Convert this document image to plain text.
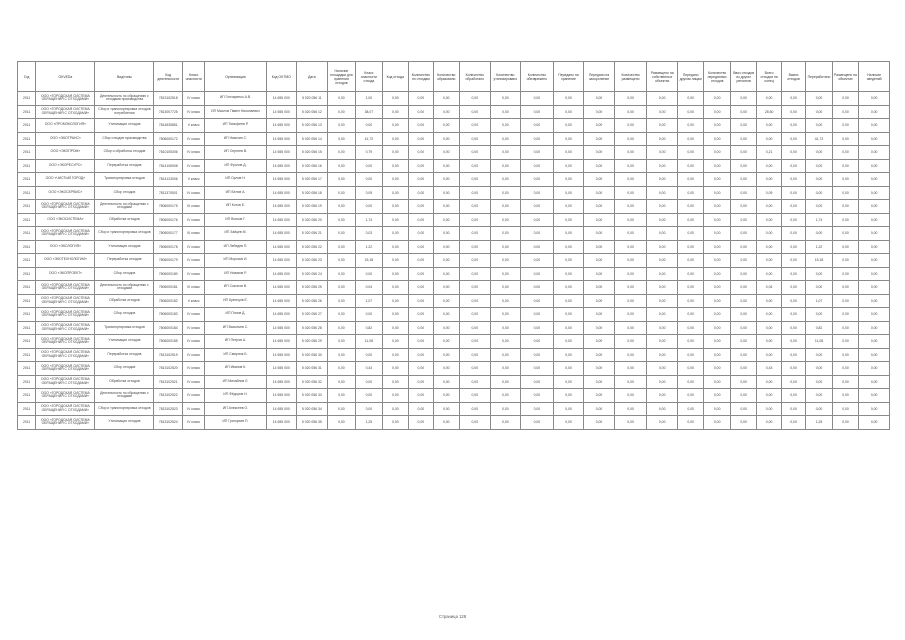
Год	OKVEDа	Вид/типы	Код деятельности	Класс опасности	Организация	Код OKTMO	Дата	Наличие площадки для хранения отходов	Класс опасности отхода	Код отхода	Количество по отходам	Количество образовано	Количество обработано	Количество утилизировано	Количество обезврежено	Передано на хранение	Передано на захоронение	Количество размещено	Размещено на собственных объектах	Передано другим лицам	Количество переданных отходов	Ввоз отходов из других регионов	Всего отходов на конец	Вывоз отходов	Переработано	Размещено на объектах	Наличие сведений
2011	ООО «ГОРОДСКАЯ СИСТЕМА ОБРАЩЕНИЯ С ОТХОДАМИ»	Деятельность по обращению с отходами производства	7813102518	IV класс	ИП Гончаренко А.В.	14 655 000	5 020 056 11	0,00	1,00	0,00	0,00	0,00	0,00	0,00	0,00	0,00	0,00	0,00	0,00	0,00	0,00	0,00	0,00	0,00	0,00	0,00	0,00
2011	ООО «ГОРОДСКАЯ СИСТЕМА ОБРАЩЕНИЯ С ОТХОДАМИ»	Сбор и транспортировка отходов потребления	7813007725	IV класс	ИП Маслов Павел Николаевич	14 655 000	5 020 056 12	0,00	38,07	0,00	0,00	0,00	0,00	0,00	0,00	0,00	0,00	0,00	0,00	0,00	0,00	0,00	28,60	0,00	0,00	0,00	0,00
2011	ООО «ПРОМЭКОЛОГИЯ»	Утилизация отходов	7814535851	V класс	ИП Тимофеев Р.	14 655 000	5 020 056 13	0,00	0,00	0,00	0,00	0,00	0,00	0,00	0,00	0,00	0,00	0,00	0,00	0,00	0,00	0,00	0,00	0,00	0,00	0,00	0,00
2011	ООО «ЭКОТРАНС»	Сбор отходов производства	7806000172	IV класс	ИП Никитин С.	14 655 000	5 020 056 14	0,00	41,72	0,00	0,00	0,00	0,00	0,00	0,00	0,00	0,00	0,00	0,00	0,00	0,00	0,00	0,00	0,00	41,72	0,00	0,00
2011	ООО «ЭКОПРОМ»	Сбор и обработка отходов	7810105306	IV класс	ИП Сергеев В.	14 655 000	5 020 056 15	0,00	0,79	0,00	0,00	0,00	0,00	0,00	0,00	0,00	0,00	0,00	0,00	0,00	0,00	0,00	0,21	0,00	0,00	0,00	0,00
2011	ООО «ЭКОРЕСУРС»	Переработка отходов	7814106908	IV класс	ИП Фролов Д.	14 655 000	5 020 056 16	0,00	0,00	0,00	0,00	0,00	0,00	0,00	0,00	0,00	0,00	0,00	0,00	0,00	0,00	0,00	0,00	0,00	0,00	0,00	0,00
2011	ООО «ЧИСТЫЙ ГОРОД»	Транспортировка отходов	7814123006	V класс	ИП Орлов Н.	14 655 000	5 020 056 17	0,00	0,00	0,00	0,00	0,00	0,00	0,00	0,00	0,00	0,00	0,00	0,00	0,00	0,00	0,00	0,00	0,00	0,00	0,00	0,00
2011	ООО «ЭКОСЕРВИС»	Сбор отходов	7811370501	IV класс	ИП Белов А.	14 655 000	5 020 056 18	0,00	0,09	0,00	0,00	0,00	0,00	0,00	0,00	0,00	0,00	0,00	0,00	0,00	0,00	0,00	0,09	0,00	0,00	0,00	0,00
2011	ООО «ГОРОДСКАЯ СИСТЕМА ОБРАЩЕНИЯ С ОТХОДАМИ»	Деятельность по обращению с отходами	7806000175	III класс	ИП Котов Е.	14 655 000	5 020 056 19	0,00	0,00	0,00	0,00	0,00	0,00	0,00	0,00	0,00	0,00	0,00	0,00	0,00	0,00	0,00	0,00	0,00	0,00	0,00	0,00
2011	ООО «ЭКОСИСТЕМА»	Обработка отходов	7806000176	IV класс	ИП Волков Г.	14 655 000	5 020 056 20	0,00	1,74	0,00	0,00	0,00	0,00	0,00	0,00	0,00	0,00	0,00	0,00	0,00	0,00	0,00	0,00	0,00	1,74	0,00	0,00
2011	ООО «ГОРОДСКАЯ СИСТЕМА ОБРАЩЕНИЯ С ОТХОДАМИ»	Сбор и транспортировка отходов	7806000177	III класс	ИП Зайцев М.	14 655 000	5 020 056 21	0,00	0,03	0,00	0,00	0,00	0,00	0,00	0,00	0,00	0,00	0,00	0,00	0,00	0,00	0,00	0,00	0,00	0,00	0,00	0,00
2011	ООО «ЭКОЛОГИЯ»	Утилизация отходов	7806000178	IV класс	ИП Лебедев П.	14 655 000	5 020 056 22	0,00	1,22	0,00	0,00	0,00	0,00	0,00	0,00	0,00	0,00	0,00	0,00	0,00	0,00	0,00	0,00	0,00	1,22	0,00	0,00
2011	ООО «ЭКОТЕХНОЛОГИИ»	Переработка отходов	7806000179	IV класс	ИП Морозов И.	14 655 000	5 020 056 23	0,00	15,18	0,00	0,00	0,00	0,00	0,00	0,00	0,00	0,00	0,00	0,00	0,00	0,00	0,00	0,00	0,00	15,18	0,00	0,00
2011	ООО «ЭКОПРОЕКТ»	Сбор отходов	7806000180	IV класс	ИП Новиков Р.	14 655 000	5 020 056 24	0,00	0,00	0,00	0,00	0,00	0,00	0,00	0,00	0,00	0,00	0,00	0,00	0,00	0,00	0,00	0,00	0,00	0,00	0,00	0,00
2011	ООО «ГОРОДСКАЯ СИСТЕМА ОБРАЩЕНИЯ С ОТХОДАМИ»	Деятельность по обращению с отходами	7806000181	III класс	ИП Соколов В.	14 655 000	5 020 056 25	0,00	0,04	0,00	0,00	0,00	0,00	0,00	0,00	0,00	0,00	0,00	0,00	0,00	0,00	0,00	0,04	0,00	0,00	0,00	0,00
2011	ООО «ГОРОДСКАЯ СИСТЕМА ОБРАЩЕНИЯ С ОТХОДАМИ»	Обработка отходов	7806000182	V класс	ИП Кузнецов Е.	14 655 000	5 020 056 26	0,00	1,07	0,00	0,00	0,00	0,00	0,00	0,00	0,00	0,00	0,00	0,00	0,00	0,00	0,00	0,00	0,00	1,07	0,00	0,00
2011	ООО «ГОРОДСКАЯ СИСТЕМА ОБРАЩЕНИЯ С ОТХОДАМИ»	Сбор отходов	7806000183	IV класс	ИП Попов Д.	14 655 000	5 020 056 27	0,00	0,00	0,00	0,00	0,00	0,00	0,00	0,00	0,00	0,00	0,00	0,00	0,00	0,00	0,00	0,00	0,00	0,00	0,00	0,00
2011	ООО «ГОРОДСКАЯ СИСТЕМА ОБРАЩЕНИЯ С ОТХОДАМИ»	Транспортировка отходов	7806000184	IV класс	ИП Васильев С.	14 655 000	5 020 056 28	0,00	0,82	0,00	0,00	0,00	0,00	0,00	0,00	0,00	0,00	0,00	0,00	0,00	0,00	0,00	0,00	0,00	0,82	0,00	0,00
2011	ООО «ГОРОДСКАЯ СИСТЕМА ОБРАЩЕНИЯ С ОТХОДАМИ»	Утилизация отходов	7806000185	IV класс	ИП Петров А.	14 655 000	5 020 056 29	0,00	11,08	0,00	0,00	0,00	0,00	0,00	0,00	0,00	0,00	0,00	0,00	0,00	0,00	0,00	0,00	0,00	11,08	0,00	0,00
2011	ООО «ГОРОДСКАЯ СИСТЕМА ОБРАЩЕНИЯ С ОТХОДАМИ»	Переработка отходов	7813102519	IV класс	ИП Смирнов Б.	14 655 000	5 020 056 30	0,00	0,00	0,00	0,00	0,00	0,00	0,00	0,00	0,00	0,00	0,00	0,00	0,00	0,00	0,00	0,00	0,00	0,00	0,00	0,00
2011	ООО «ГОРОДСКАЯ СИСТЕМА ОБРАЩЕНИЯ С ОТХОДАМИ»	Сбор отходов	7813102520	IV класс	ИП Иванов К.	14 655 000	5 020 056 31	0,00	0,43	0,00	0,00	0,00	0,00	0,00	0,00	0,00	0,00	0,00	0,00	0,00	0,00	0,00	0,43	0,00	0,00	0,00	0,00
2011	ООО «ГОРОДСКАЯ СИСТЕМА ОБРАЩЕНИЯ С ОТХОДАМИ»	Обработка отходов	7813102521	IV класс	ИП Михайлов Л.	14 655 000	5 020 056 32	0,00	0,00	0,00	0,00	0,00	0,00	0,00	0,00	0,00	0,00	0,00	0,00	0,00	0,00	0,00	0,00	0,00	0,00	0,00	0,00
2011	ООО «ГОРОДСКАЯ СИСТЕМА ОБРАЩЕНИЯ С ОТХОДАМИ»	Деятельность по обращению с отходами	7813102522	IV класс	ИП Фёдоров Н.	14 655 000	5 020 056 33	0,00	0,00	0,00	0,00	0,00	0,00	0,00	0,00	0,00	0,00	0,00	0,00	0,00	0,00	0,00	0,00	0,00	0,00	0,00	0,00
2011	ООО «ГОРОДСКАЯ СИСТЕМА ОБРАЩЕНИЯ С ОТХОДАМИ»	Сбор и транспортировка отходов	7813102523	IV класс	ИП Алексеев О.	14 655 000	5 020 056 34	0,00	0,00	0,00	0,00	0,00	0,00	0,00	0,00	0,00	0,00	0,00	0,00	0,00	0,00	0,00	0,00	0,00	0,00	0,00	0,00
2011	ООО «ГОРОДСКАЯ СИСТЕМА ОБРАЩЕНИЯ С ОТХОДАМИ»	Утилизация отходов	7813102524	IV класс	ИП Григорьев П.	14 655 000	5 020 056 35	0,00	1,25	0,00	0,00	0,00	0,00	0,00	0,00	0,00	0,00	0,00	0,00	0,00	0,00	0,00	0,00	0,00	1,25	0,00	0,00
Страница 128
